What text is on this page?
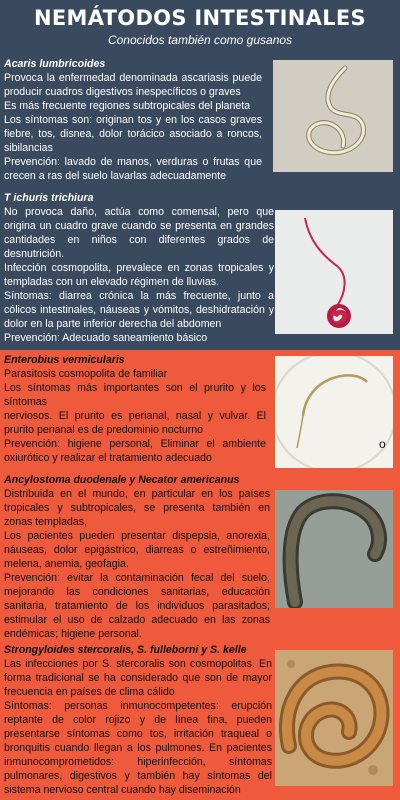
NEMÁTODOS INTESTINALES
Conocidos también como gusanos
Acaris lumbricoides
Provoca la enfermedad denominada ascariasis puede producir cuadros digestivos inespecíficos o graves
Es más frecuente regiones subtropicales del planeta
Los síntomas son: originan tos y en los casos graves fiebre, tos, disnea, dolor torácico asociado a roncos, sibilancias
Prevención: lavado de manos, verduras o frutas que crecen a ras del suelo lavarlas adecuadamente
T ichuris trichiura
No provoca daño, actúa como comensal, pero que origina un cuadro grave cuando se presenta en grandes cantidades en niños con diferentes grados de desnutrición.
Infección cosmopolita, prevalece en zonas tropicales y templadas con un elevado régimen de lluvias.
Síntomas: diarrea crónica la más frecuente, junto a cólicos intestinales, náuseas y vómitos, deshidratación y dolor en la parte inferior derecha del abdomen
Prevención: Adecuado saneamiento básico
Enterobius vermicularis
Parasitosis cosmopolita de familiar
Los síntomas más importantes son el prurito y los síntomas
nerviosos. El prurito es perianal, nasal y vulvar. El prurito perianal es de predominio nocturno
Prevención: higiene personal, Eliminar el ambiente oxiurótico y realizar el tratamiento adecuado
o
Ancylostoma duodenale y Necator americanus
Distribuida en el mundo, en particular en los países tropicales y subtropicales, se presenta también en zonas templadas,
Los pacientes pueden presentar dispepsia, anorexia, náuseas, dolor epigástrico, diarreas o estreñimiento, melena, anemia, geofagia.
Prevención: evitar la contaminación fecal del suelo, mejorando las condiciones sanitarias, educación sanitaria, tratamiento de los individuos parasitados; estimular el uso de calzado adecuado en las zonas endémicas; higiene personal.
Strongyloides stercoralis, S. fulleborni y S. kelle
Las infecciones por S. stercoralis son cosmopolitas. En forma tradicional se ha considerado que son de mayor frecuencia en países de clima cálido
Síntomas: personas inmunocompetentes: erupción reptante de color rojizo y de línea fina, pueden presentarse síntomas como tos, irritación traqueal o bronquitis cuando llegan a los pulmones. En pacientes inmunocomprometidos: hiperinfección, síntomas pulmonares, digestivos y también hay síntomas del sistema nervioso central cuando hay diseminación
